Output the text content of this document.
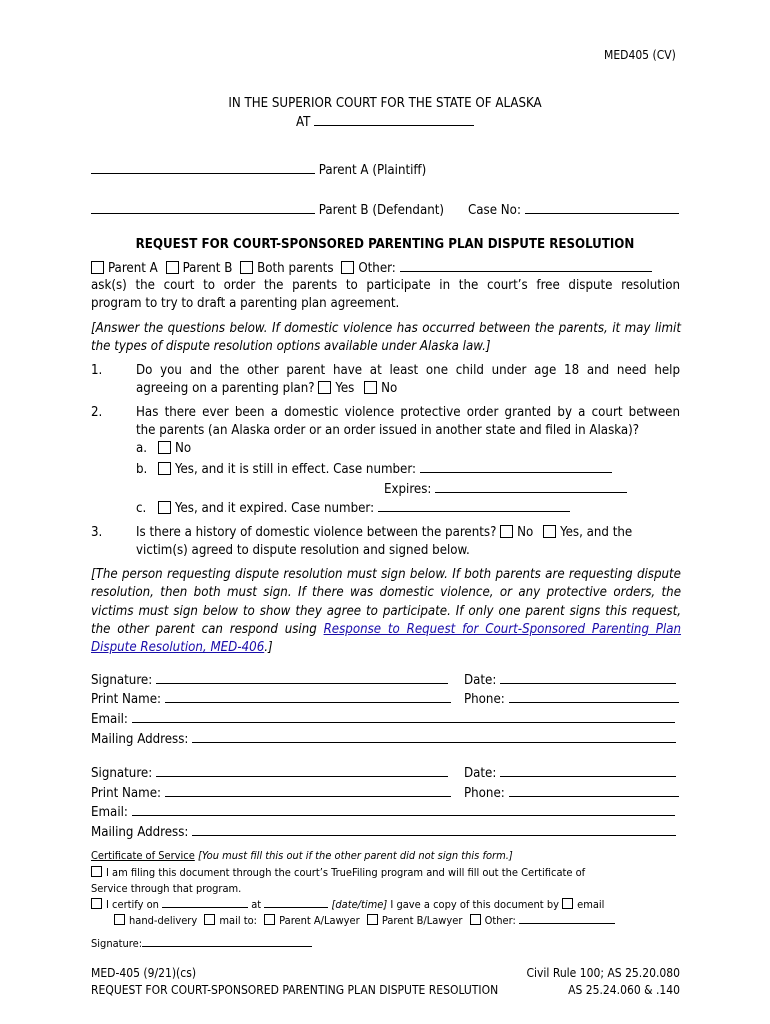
MED405 (CV)
IN THE SUPERIOR COURT FOR THE STATE OF ALASKA
AT
Parent A (Plaintiff)
Parent B (Defendant) Case No:
REQUEST FOR COURT-SPONSORED PARENTING PLAN DISPUTE RESOLUTION
Parent A Parent B Both parents Other:
ask(s) the court to order the parents to participate in the court’s free dispute resolution
program to try to draft a parenting plan agreement.
[Answer the questions below. If domestic violence has occurred between the parents, it may limit the types of dispute resolution options available under Alaska law.]
1.	Do you and the other parent have at least one child under age 18 and need help
agreeing on a parenting plan? Yes No
2.	Has there ever been a domestic violence protective order granted by a court between
the parents (an Alaska order or an order issued in another state and filed in Alaska)?
a. No
b. Yes, and it is still in effect. Case number:
Expires:
c. Yes, and it expired. Case number:
3.	Is there a history of domestic violence between the parents? No Yes, and the
victim(s) agreed to dispute resolution and signed below.
[The person requesting dispute resolution must sign below. If both parents are requesting dispute resolution, then both must sign. If there was domestic violence, or any protective orders, the victims must sign below to show they agree to participate. If only one parent signs this request, the other parent can respond using Response to Request for Court-Sponsored Parenting Plan Dispute Resolution, MED-406.]
Signature:	Date:
Print Name:	Phone:
Email:
Mailing Address:
Signature:	Date:
Print Name:	Phone:
Email:
Mailing Address:
Certificate of Service [You must fill this out if the other parent did not sign this form.]
I am filing this document through the court’s TrueFiling program and will fill out the Certificate of
Service through that program.
I certify on	at	[date/time] I gave a copy of this document by email
hand-delivery mail to: Parent A/Lawyer Parent B/Lawyer Other:
Signature:
MED-405 (9/21)(cs)
REQUEST FOR COURT-SPONSORED PARENTING PLAN DISPUTE RESOLUTION
Civil Rule 100; AS 25.20.080
AS 25.24.060 & .140
